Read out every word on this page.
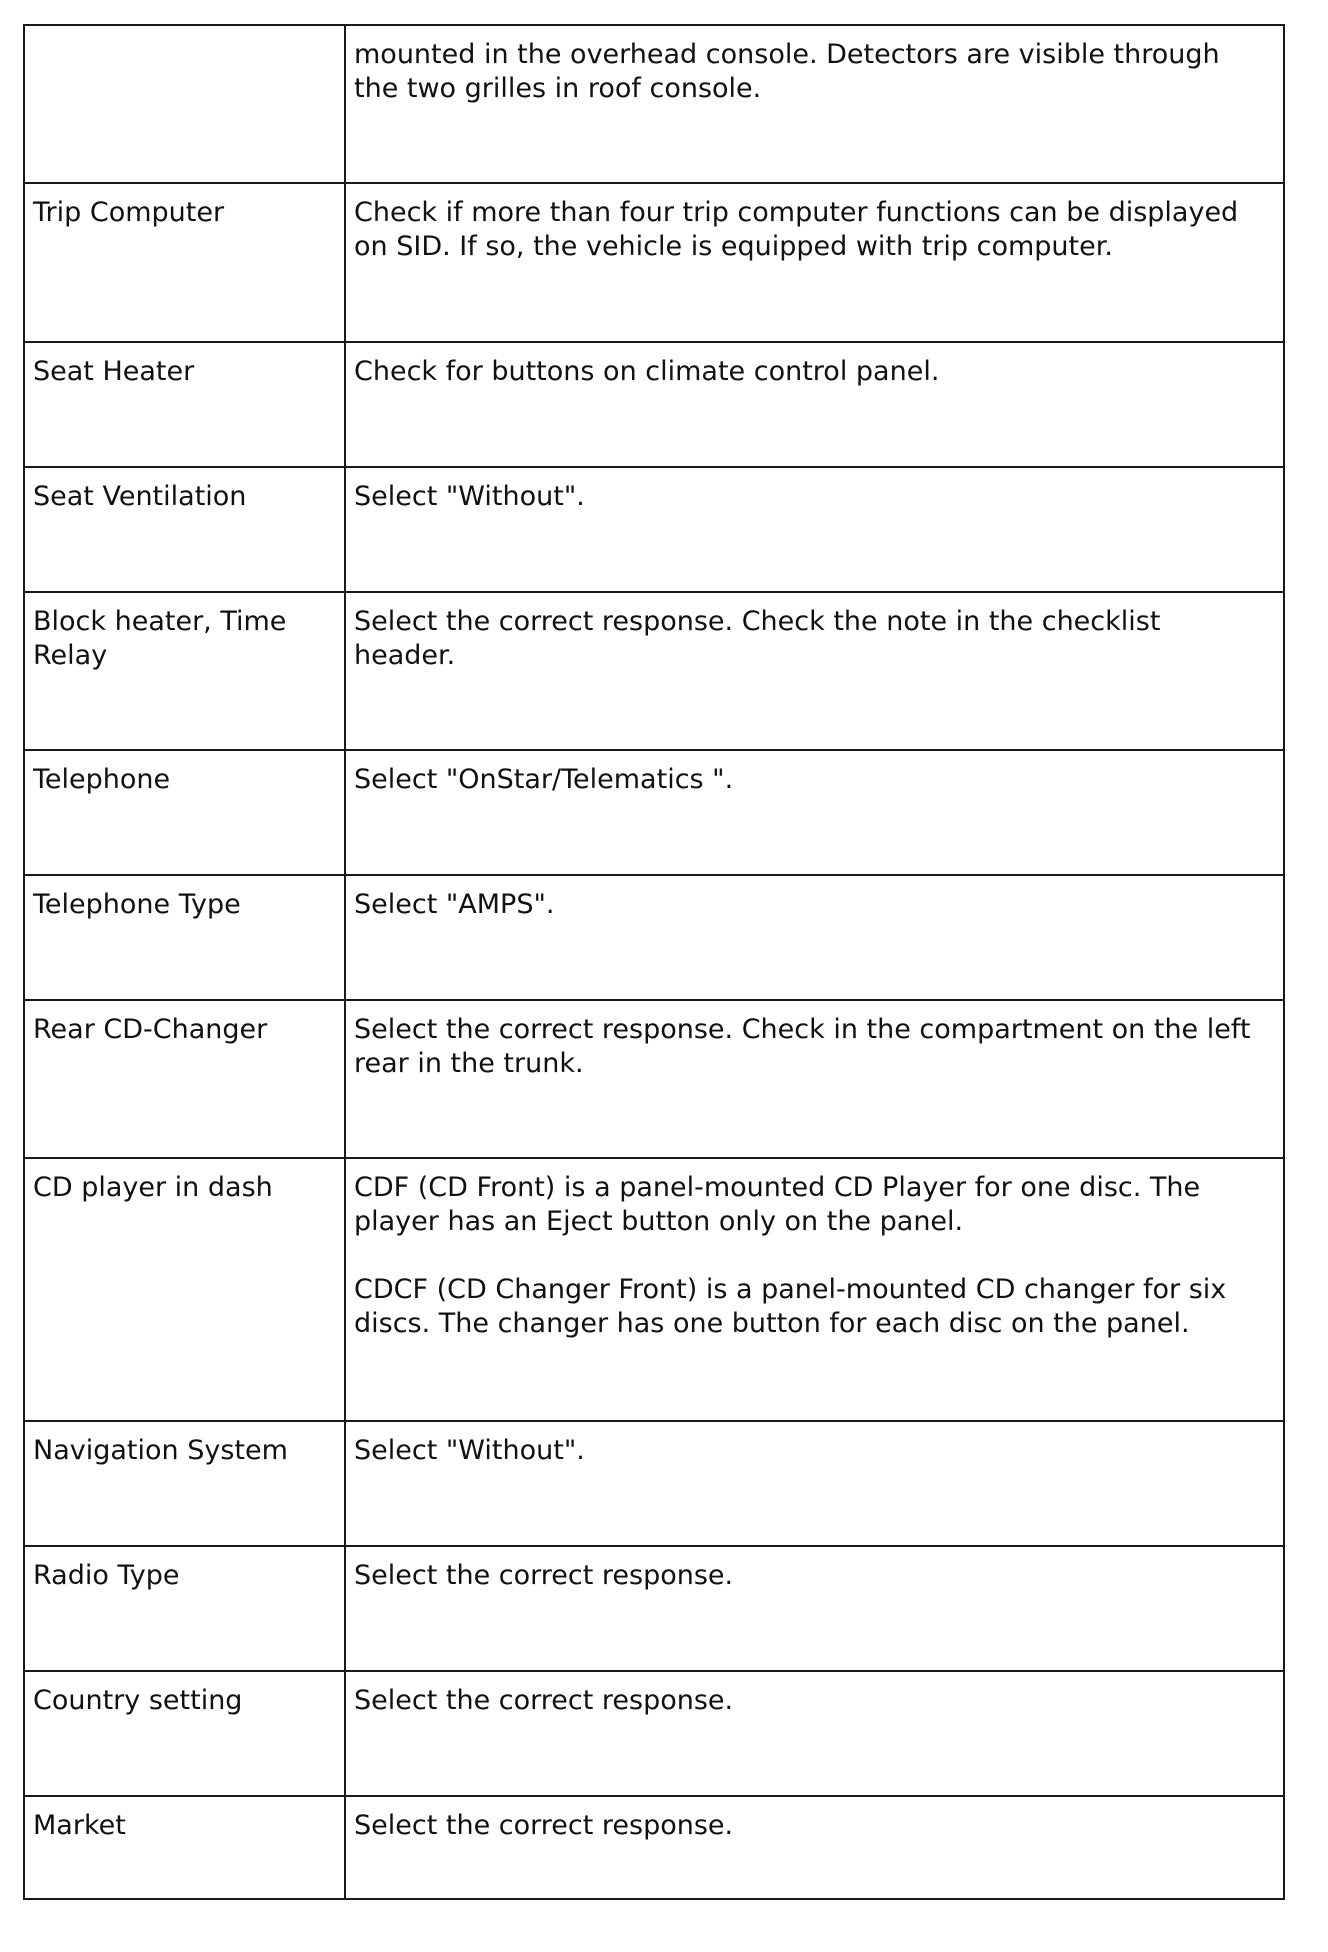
	mounted in the overhead console. Detectors are visible through the two grilles in roof console.

Trip Computer	Check if more than four trip computer functions can be displayed on SID. If so, the vehicle is equipped with trip computer.

Seat Heater	Check for buttons on climate control panel.

Seat Ventilation	Select "Without".

Block heater, Time Relay	Select the correct response. Check the note in the checklist header.

Telephone	Select "OnStar/Telematics ".

Telephone Type	Select "AMPS".

Rear CD-Changer	Select the correct response. Check in the compartment on the left rear in the trunk.

CD player in dash	CDF (CD Front) is a panel-mounted CD Player for one disc. The player has an Eject button only on the panel.

CDCF (CD Changer Front) is a panel-mounted CD changer for six discs. The changer has one button for each disc on the panel.

Navigation System	Select "Without".

Radio Type	Select the correct response.

Country setting	Select the correct response.

Market	Select the correct response.
